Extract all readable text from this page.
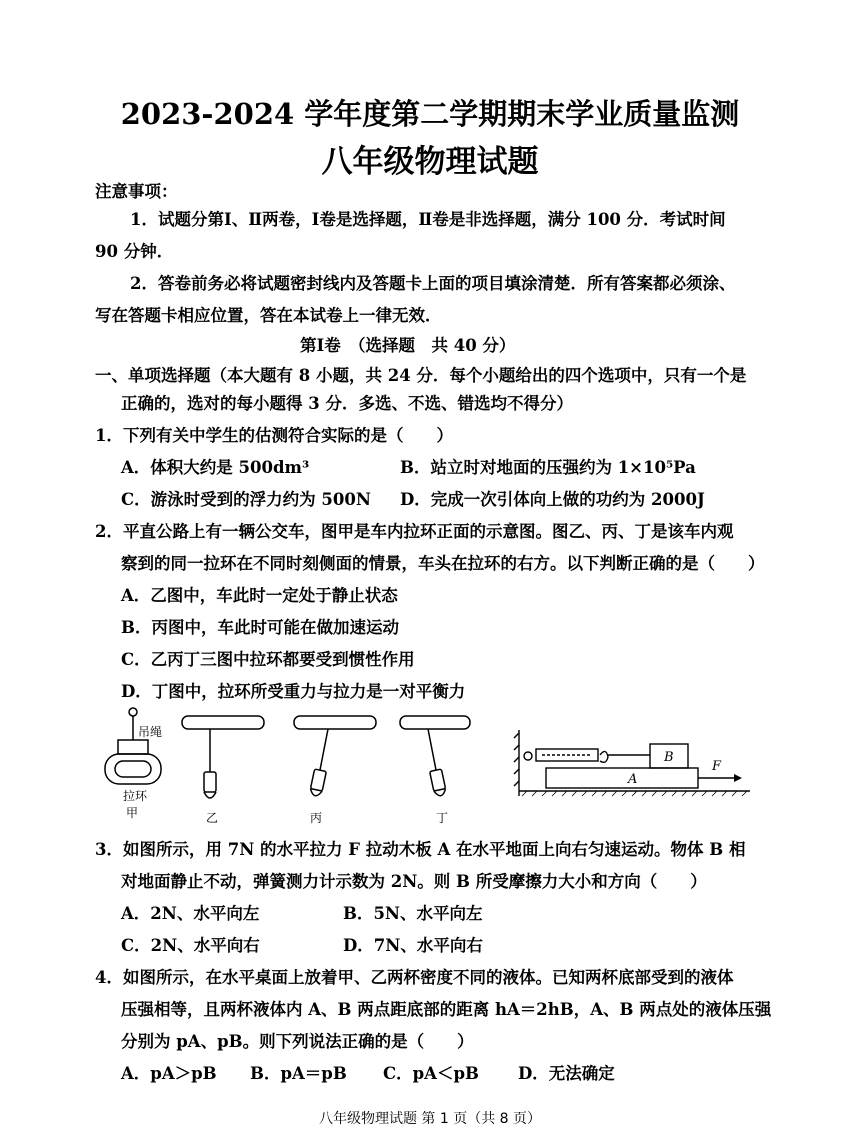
2023-2024 学年度第二学期期末学业质量监测
八年级物理试题
注意事项：
1．试题分第Ⅰ、Ⅱ两卷，Ⅰ卷是选择题，Ⅱ卷是非选择题，满分 100 分．考试时间
90 分钟．
2．答卷前务必将试题密封线内及答题卡上面的项目填涂清楚．所有答案都必须涂、
写在答题卡相应位置，答在本试卷上一律无效．
第Ⅰ卷　（选择题　共 40 分）
一、单项选择题（本大题有 8 小题，共 24 分．每个小题给出的四个选项中，只有一个是
正确的，选对的每小题得 3 分．多选、不选、错选均不得分）
1．下列有关中学生的估测符合实际的是（　　）
A．体积大约是 500dm³	B．站立时对地面的压强约为 1×10⁵Pa
C．游泳时受到的浮力约为 500N D．完成一次引体向上做的功约为 2000J
2．平直公路上有一辆公交车，图甲是车内拉环正面的示意图。图乙、丙、丁是该车内观
察到的同一拉环在不同时刻侧面的情景，车头在拉环的右方。以下判断正确的是（　　）
A．乙图中，车此时一定处于静止状态
B．丙图中，车此时可能在做加速运动
C．乙丙丁三图中拉环都要受到惯性作用
D．丁图中，拉环所受重力与拉力是一对平衡力
吊绳
拉环
甲	乙	丙	丁
B
A
F
3．如图所示，用 7N 的水平拉力 F 拉动木板 A 在水平地面上向右匀速运动。物体 B 相
对地面静止不动，弹簧测力计示数为 2N。则 B 所受摩擦力大小和方向（　　）
A．2N、水平向左	B．5N、水平向左
C．2N、水平向右	D．7N、水平向右
4．如图所示，在水平桌面上放着甲、乙两杯密度不同的液体。已知两杯底部受到的液体
压强相等，且两杯液体内 A、B 两点距底部的距离 hA＝2hB，A、B 两点处的液体压强
分别为 pA、pB。则下列说法正确的是（　　）
A．pA＞pB B．pA＝pB C．pA＜pB D．无法确定
八年级物理试题 第 1 页（共 8 页）
